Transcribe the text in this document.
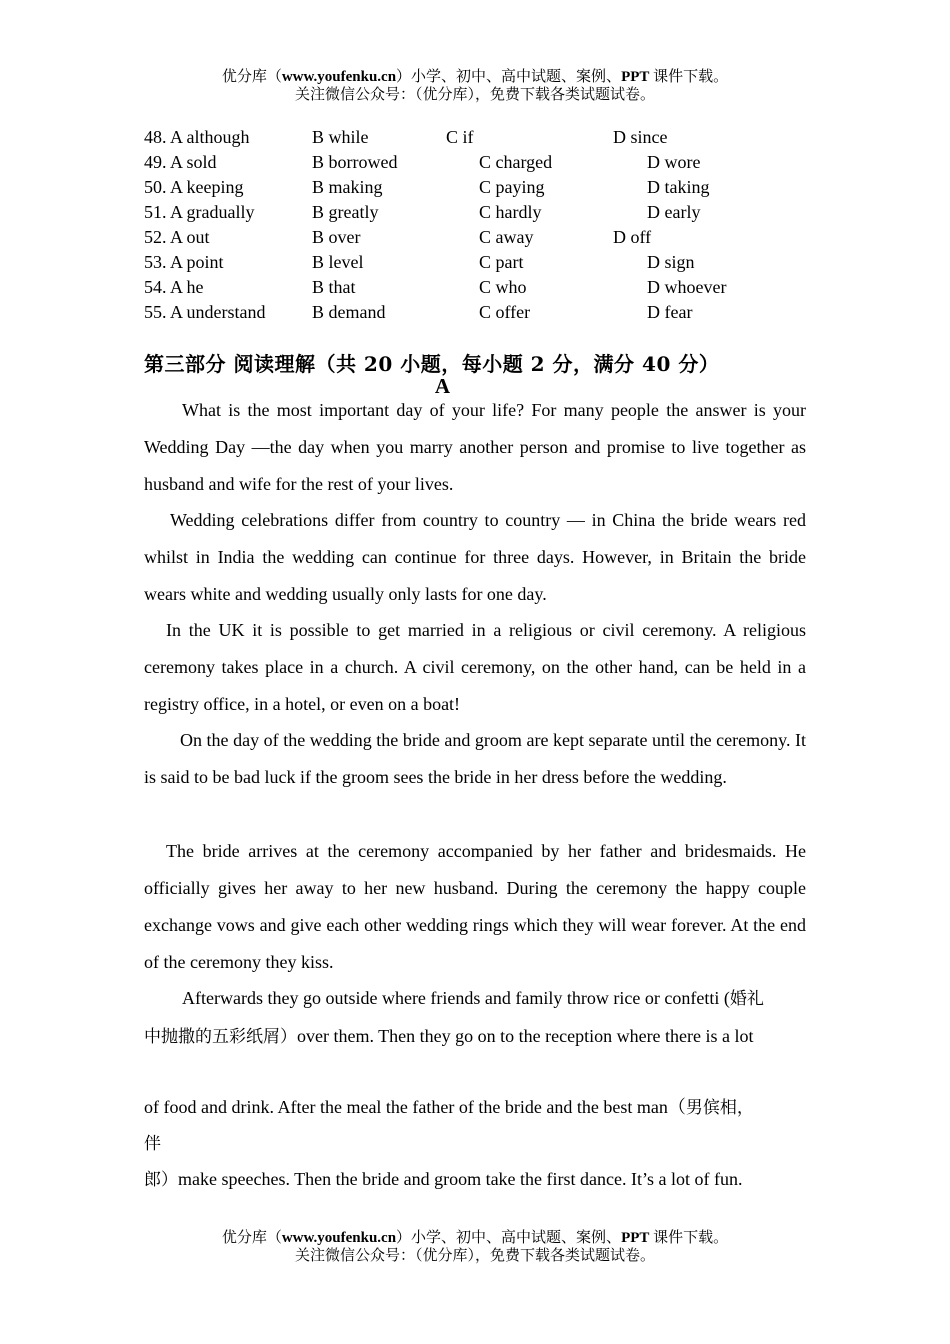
优分库（www.youfenku.cn）小学、初中、高中试题、案例、PPT 课件下载。
关注微信公众号：（优分库），免费下载各类试题试卷。
48. A although	B while	C if	D since
49. A sold	B borrowed	C charged	D wore
50. A keeping	B making	C paying	D taking
51. A gradually	B greatly	C hardly	D early
52. A out	B over	C away	D off
53. A point	B level	C part	D sign
54. A he	B that	C who	D whoever
55. A understand	B demand	C offer	D fear
第三部分 阅读理解（共 20 小题，每小题 2 分，满分 40 分）
A

What is the most important day of your life? For many people the answer is your Wedding Day —the day when you marry another person and promise to live together as husband and wife for the rest of your lives.

Wedding celebrations differ from country to country — in China the bride wears red whilst in India the wedding can continue for three days. However, in Britain the bride wears white and wedding usually only lasts for one day.

In the UK it is possible to get married in a religious or civil ceremony. A religious ceremony takes place in a church. A civil ceremony, on the other hand, can be held in a registry office, in a hotel, or even on a boat!

On the day of the wedding the bride and groom are kept separate until the ceremony. It is said to be bad luck if the groom sees the bride in her dress before the wedding.

The bride arrives at the ceremony accompanied by her father and bridesmaids. He officially gives her away to her new husband. During the ceremony the happy couple exchange vows and give each other wedding rings which they will wear forever. At the end of the ceremony they kiss.

Afterwards they go outside where friends and family throw rice or confetti (婚礼
中抛撒的五彩纸屑）over them. Then they go on to the reception where there is a lot

of food and drink. After the meal the father of the bride and the best man（男傧相，
伴
郎）make speeches. Then the bride and groom take the first dance. It’s a lot of fun.
优分库（www.youfenku.cn）小学、初中、高中试题、案例、PPT 课件下载。
关注微信公众号：（优分库），免费下载各类试题试卷。
